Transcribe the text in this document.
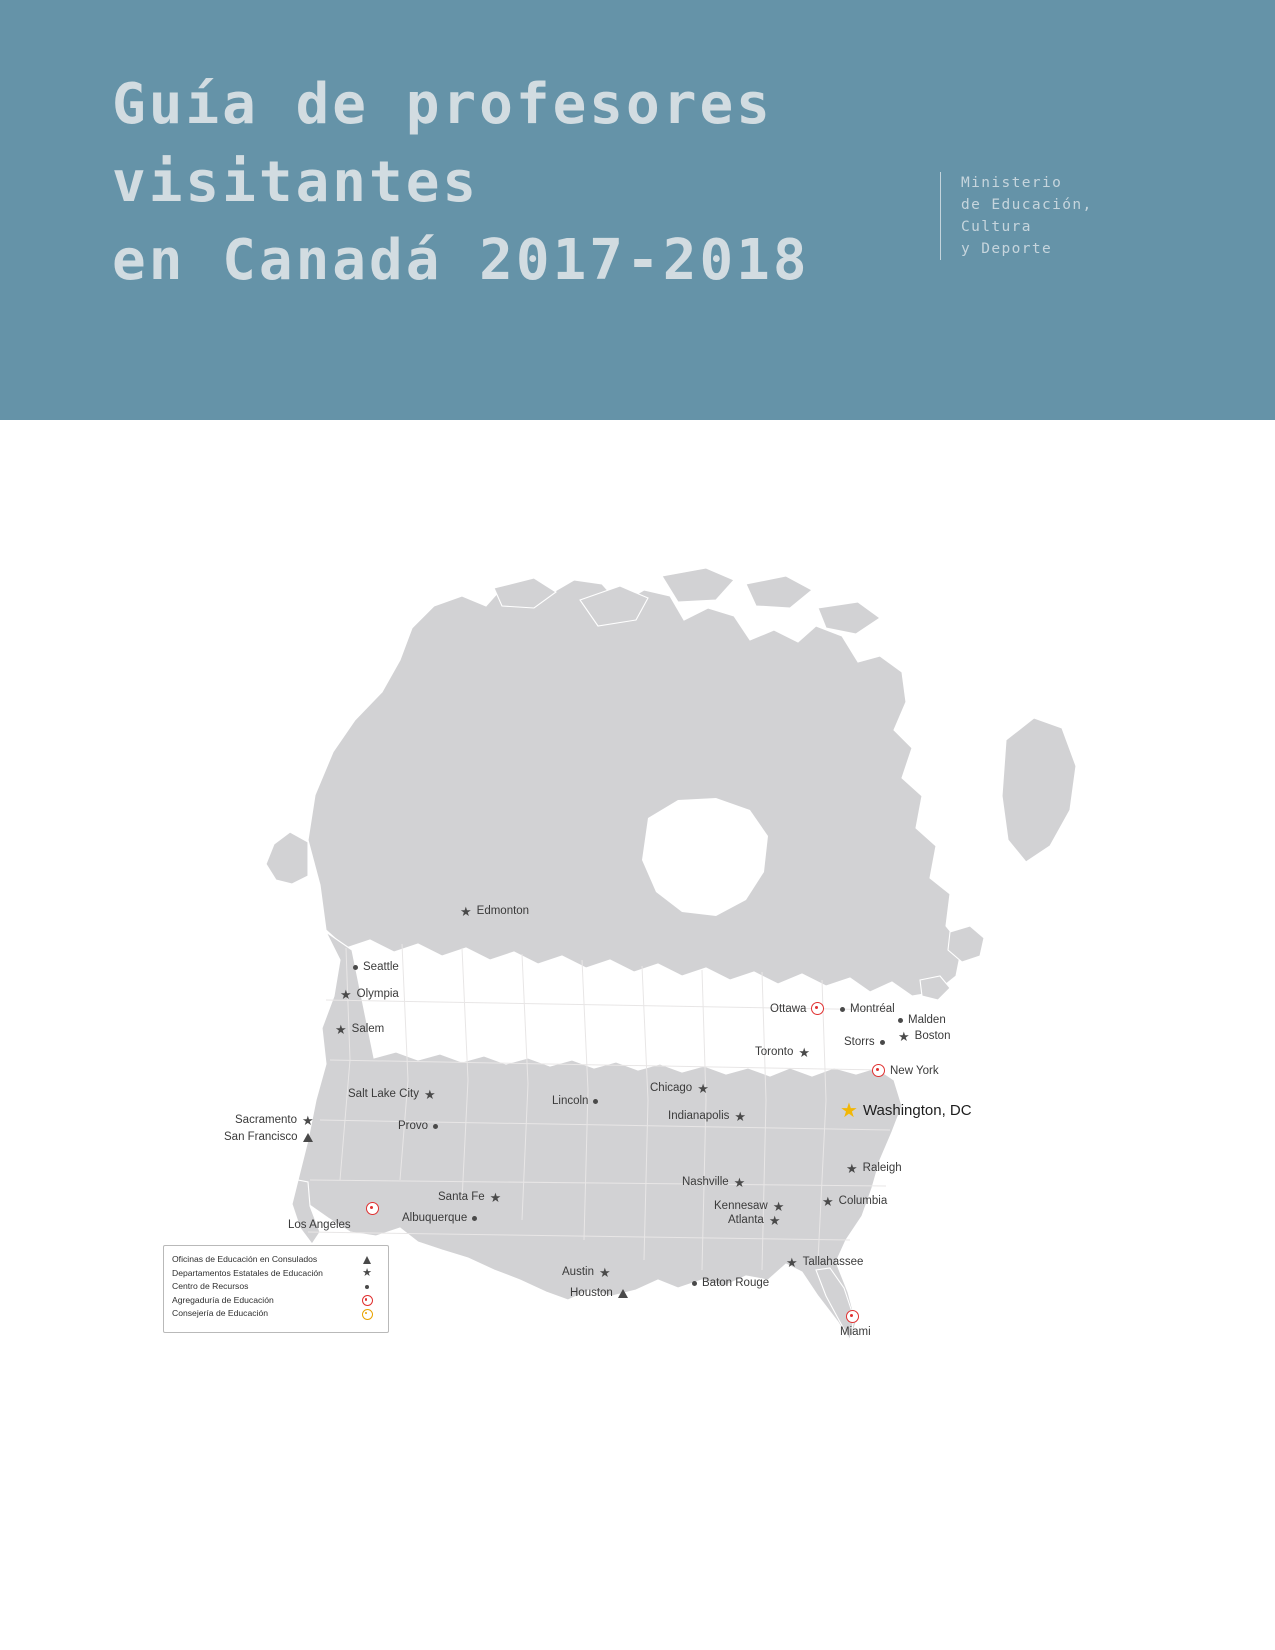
Guía de profesores
visitantes
en Canadá 2017-2018
Ministerio
de Educación,
Cultura
y Deporte
★ Edmonton
Seattle
★ Olympia
★ Salem
Salt Lake City ★
Sacramento ★
San Francisco
Provo
Lincoln
Chicago ★
Indianapolis ★
Ottawa	Montréal
Malden
★ Boston
Storrs
Toronto ★
New York
★ Washington, DC
★ Raleigh
Nashville ★
★ Columbia
Kennesaw ★
Atlanta ★
Santa Fe ★
Albuquerque
Los Angeles
Austin ★
Houston
Baton Rouge
★ Tallahassee
Miami
Oficinas de Educación en Consulados
Departamentos Estatales de Educación	★
Centro de Recursos
Agregaduría de Educación
Consejería de Educación
